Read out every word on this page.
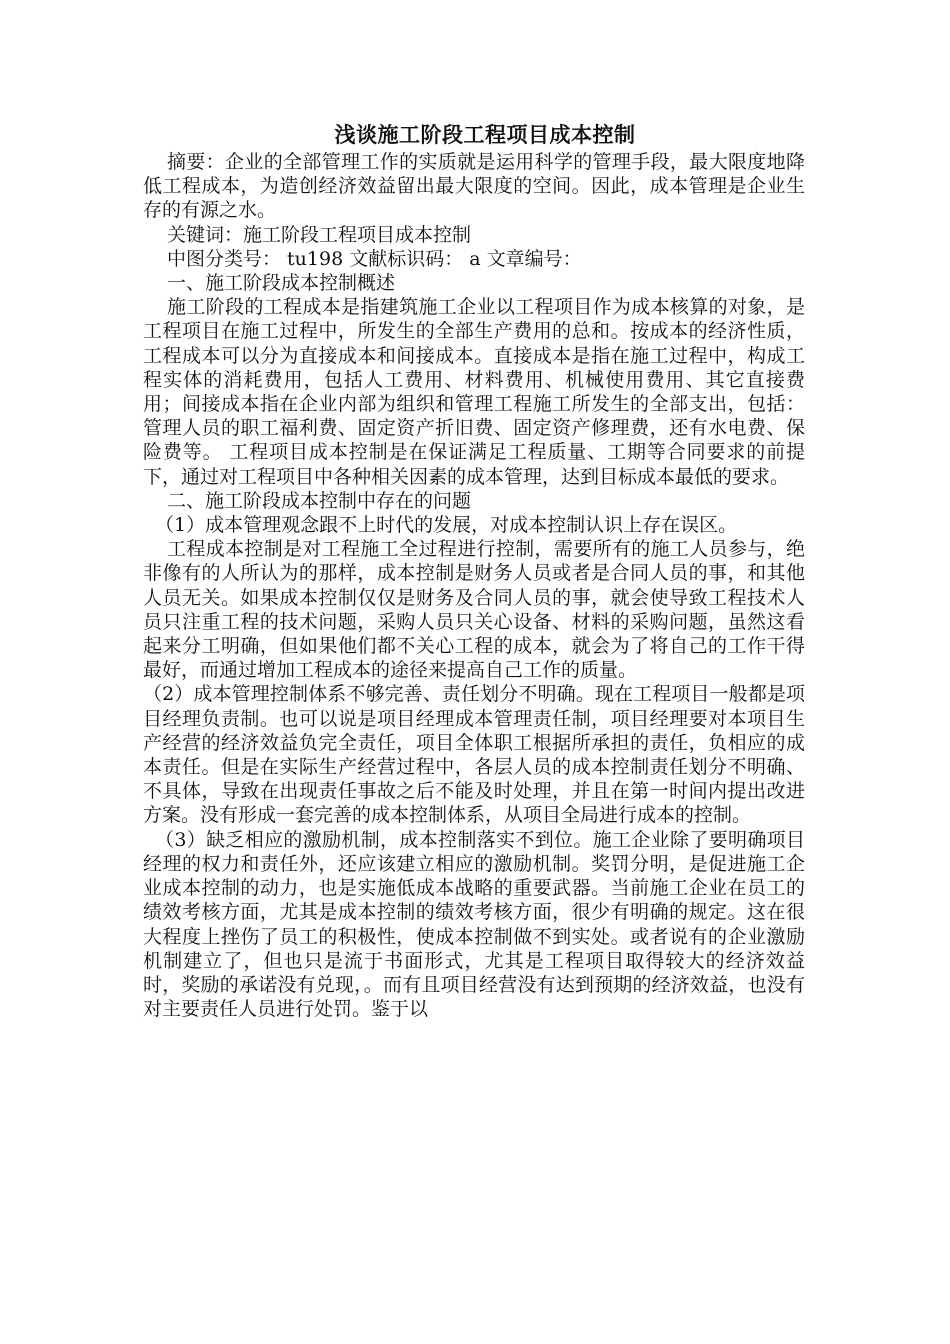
浅谈施工阶段工程项目成本控制

摘要：企业的全部管理工作的实质就是运用科学的管理手段，最大限度地降低工程成本，为造创经济效益留出最大限度的空间。因此，成本管理是企业生存的有源之水。

关键词：施工阶段工程项目成本控制

中图分类号： tu198 文献标识码： a 文章编号：

一、施工阶段成本控制概述

施工阶段的工程成本是指建筑施工企业以工程项目作为成本核算的对象，是工程项目在施工过程中，所发生的全部生产费用的总和。按成本的经济性质，工程成本可以分为直接成本和间接成本。直接成本是指在施工过程中，构成工程实体的消耗费用，包括人工费用、材料费用、机械使用费用、其它直接费用；间接成本指在企业内部为组织和管理工程施工所发生的全部支出，包括：管理人员的职工福利费、固定资产折旧费、固定资产修理费，还有水电费、保险费等。 工程项目成本控制是在保证满足工程质量、工期等合同要求的前提下，通过对工程项目中各种相关因素的成本管理，达到目标成本最低的要求。

二、施工阶段成本控制中存在的问题

（1）成本管理观念跟不上时代的发展，对成本控制认识上存在误区。

工程成本控制是对工程施工全过程进行控制，需要所有的施工人员参与，绝非像有的人所认为的那样，成本控制是财务人员或者是合同人员的事，和其他人员无关。如果成本控制仅仅是财务及合同人员的事，就会使导致工程技术人员只注重工程的技术问题，采购人员只关心设备、材料的采购问题，虽然这看起来分工明确，但如果他们都不关心工程的成本，就会为了将自己的工作干得最好，而通过增加工程成本的途径来提高自己工作的质量。

（2）成本管理控制体系不够完善、责任划分不明确。现在工程项目一般都是项目经理负责制。也可以说是项目经理成本管理责任制，项目经理要对本项目生产经营的经济效益负完全责任，项目全体职工根据所承担的责任，负相应的成本责任。但是在实际生产经营过程中，各层人员的成本控制责任划分不明确、不具体，导致在出现责任事故之后不能及时处理，并且在第一时间内提出改进方案。没有形成一套完善的成本控制体系，从项目全局进行成本的控制。

（3）缺乏相应的激励机制，成本控制落实不到位。施工企业除了要明确项目经理的权力和责任外，还应该建立相应的激励机制。奖罚分明，是促进施工企业成本控制的动力，也是实施低成本战略的重要武器。当前施工企业在员工的绩效考核方面，尤其是成本控制的绩效考核方面，很少有明确的规定。这在很大程度上挫伤了员工的积极性，使成本控制做不到实处。或者说有的企业激励机制建立了，但也只是流于书面形式，尤其是工程项目取得较大的经济效益时，奖励的承诺没有兑现，。而有且项目经营没有达到预期的经济效益，也没有对主要责任人员进行处罚。鉴于以
